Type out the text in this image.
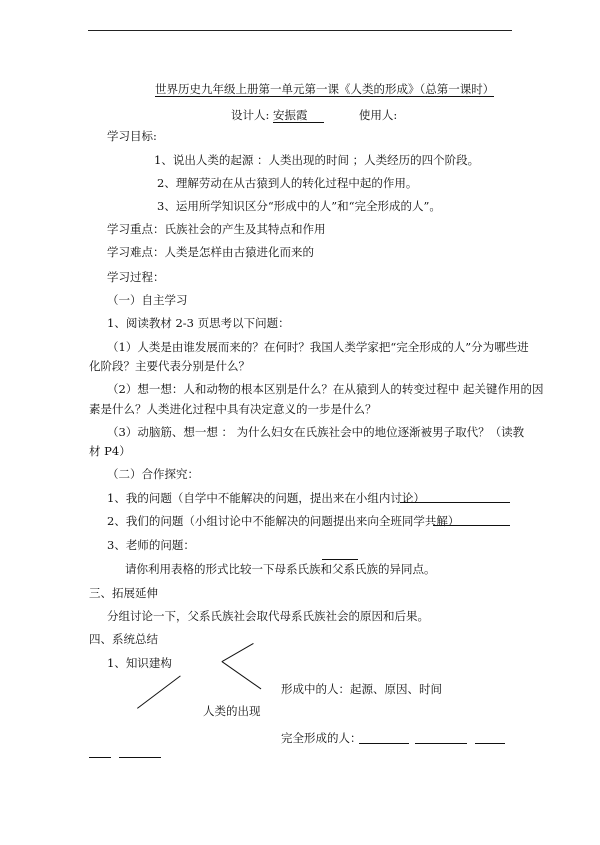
世界历史九年级上册第一单元第一课《人类的形成》（总第一课时）
设计人: 安振霞	使用人:
学习目标:
1、说出人类的起源 ：人类出现的时间 ；人类经历的四个阶段。
2、理解劳动在从古猿到人的转化过程中起的作用。
3、运用所学知识区分“形成中的人”和“完全形成的人”。
学习重点：氏族社会的产生及其特点和作用
学习难点：人类是怎样由古猿进化而来的
学习过程：
（一）自主学习
1、阅读教材 2-3 页思考以下问题：
（1）人类是由谁发展而来的？在何时？我国人类学家把“完全形成的人”分为哪些进
化阶段？主要代表分别是什么？
（2）想一想：人和动物的根本区别是什么？在从猿到人的转变过程中 起关键作用的因
素是什么？人类进化过程中具有决定意义的一步是什么？
（3）动脑筋、想一想 ： 为什么妇女在氏族社会中的地位逐渐被男子取代？（读教
材 P4）
（二）合作探究：
1、我的问题（自学中不能解决的问题，提出来在小组内讨论）
2、我们的问题（小组讨论中不能解决的问题提出来向全班同学共解）
3、老师的问题：
请你利用表格的形式比较一下母系氏族和父系氏族的异同点。
三、拓展延伸
分组讨论一下，父系氏族社会取代母系氏族社会的原因和后果。
四、系统总结
1、知识建构
形成中的人：起源、原因、时间
人类的出现
完全形成的人：
